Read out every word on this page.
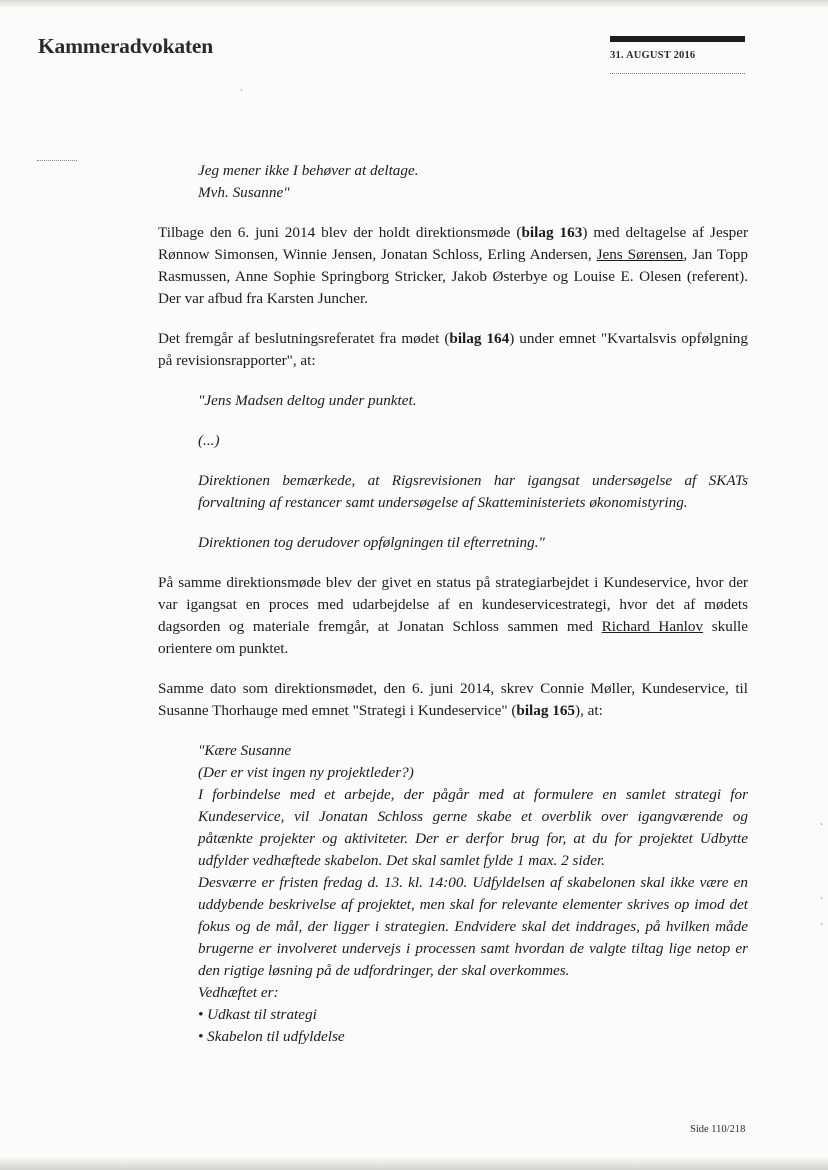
Kammeradvokaten	31. AUGUST 2016
˴
˴
˴
˴

Jeg mener ikke I behøver at deltage.

Mvh. Susanne"

Tilbage den 6. juni 2014 blev der holdt direktionsmøde (bilag 163) med deltagelse af Jesper Rønnow Simonsen, Winnie Jensen, Jonatan Schloss, Erling Andersen, Jens Sørensen, Jan Topp Rasmussen, Anne Sophie Springborg Stricker, Jakob Østerbye og Louise E. Olesen (referent). Der var afbud fra Karsten Juncher.

Det fremgår af beslutningsreferatet fra mødet (bilag 164) under emnet "Kvartalsvis opfølgning på revisionsrapporter", at:

"Jens Madsen deltog under punktet.

(...)

Direktionen bemærkede, at Rigsrevisionen har igangsat undersøgelse af SKATs forvaltning af restancer samt undersøgelse af Skatteministeriets økonomistyring.

Direktionen tog derudover opfølgningen til efterretning."

På samme direktionsmøde blev der givet en status på strategiarbejdet i Kundeservice, hvor der var igangsat en proces med udarbejdelse af en kundeservicestrategi, hvor det af mødets dagsorden og materiale fremgår, at Jonatan Schloss sammen med Richard Hanlov skulle orientere om punktet.

Samme dato som direktionsmødet, den 6. juni 2014, skrev Connie Møller, Kundeservice, til Susanne Thorhauge med emnet "Strategi i Kundeservice" (bilag 165), at:

"Kære Susanne

(Der er vist ingen ny projektleder?)

I forbindelse med et arbejde, der pågår med at formulere en samlet strategi for Kundeservice, vil Jonatan Schloss gerne skabe et overblik over igangværende og påtænkte projekter og aktiviteter. Der er derfor brug for, at du for projektet Udbytte udfylder vedhæftede skabelon. Det skal samlet fylde 1 max. 2 sider.

Desværre er fristen fredag d. 13. kl. 14:00. Udfyldelsen af skabelonen skal ikke være en uddybende beskrivelse af projektet, men skal for relevante elementer skrives op imod det fokus og de mål, der ligger i strategien. Endvidere skal det inddrages, på hvilken måde brugerne er involveret undervejs i processen samt hvordan de valgte tiltag lige netop er den rigtige løsning på de udfordringer, der skal overkommes.

Vedhæftet er:

• Udkast til strategi

• Skabelon til udfyldelse

Side 110/218
